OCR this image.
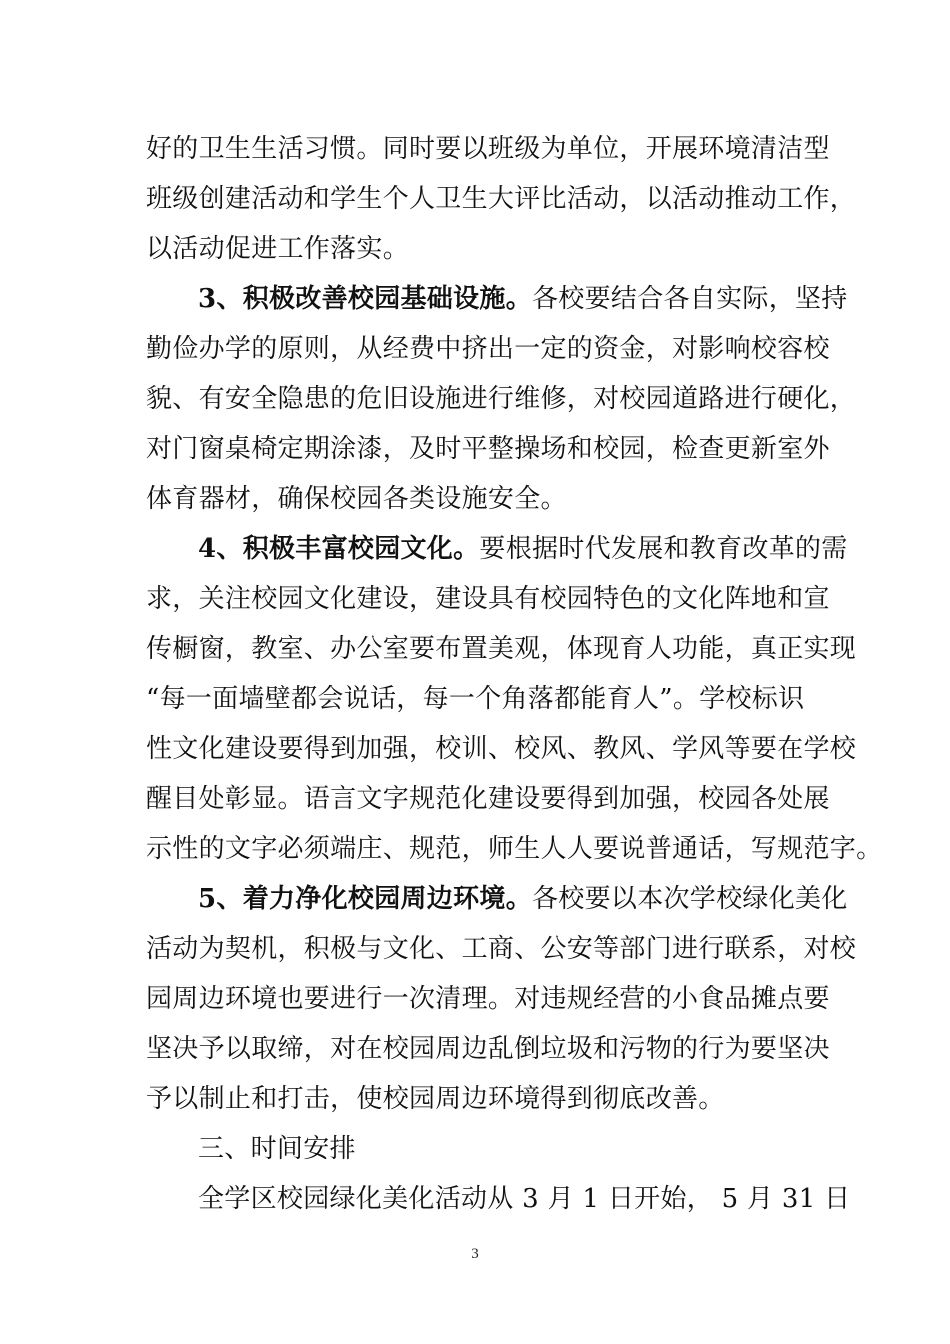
好的卫生生活习惯。同时要以班级为单位，开展环境清洁型
班级创建活动和学生个人卫生大评比活动，以活动推动工作，
以活动促进工作落实。
3、积极改善校园基础设施。各校要结合各自实际，坚持
勤俭办学的原则，从经费中挤出一定的资金，对影响校容校
貌、有安全隐患的危旧设施进行维修，对校园道路进行硬化，
对门窗桌椅定期涂漆，及时平整操场和校园，检查更新室外
体育器材，确保校园各类设施安全。
4、积极丰富校园文化。要根据时代发展和教育改革的需
求，关注校园文化建设，建设具有校园特色的文化阵地和宣
传橱窗，教室、办公室要布置美观，体现育人功能，真正实现
“每一面墙壁都会说话，每一个角落都能育人”。学校标识
性文化建设要得到加强，校训、校风、教风、学风等要在学校
醒目处彰显。语言文字规范化建设要得到加强，校园各处展
示性的文字必须端庄、规范，师生人人要说普通话，写规范字。
5、着力净化校园周边环境。各校要以本次学校绿化美化
活动为契机，积极与文化、工商、公安等部门进行联系，对校
园周边环境也要进行一次清理。对违规经营的小食品摊点要
坚决予以取缔，对在校园周边乱倒垃圾和污物的行为要坚决
予以制止和打击，使校园周边环境得到彻底改善。
三、时间安排
全学区校园绿化美化活动从 3 月 1 日开始， 5 月 31 日
3
